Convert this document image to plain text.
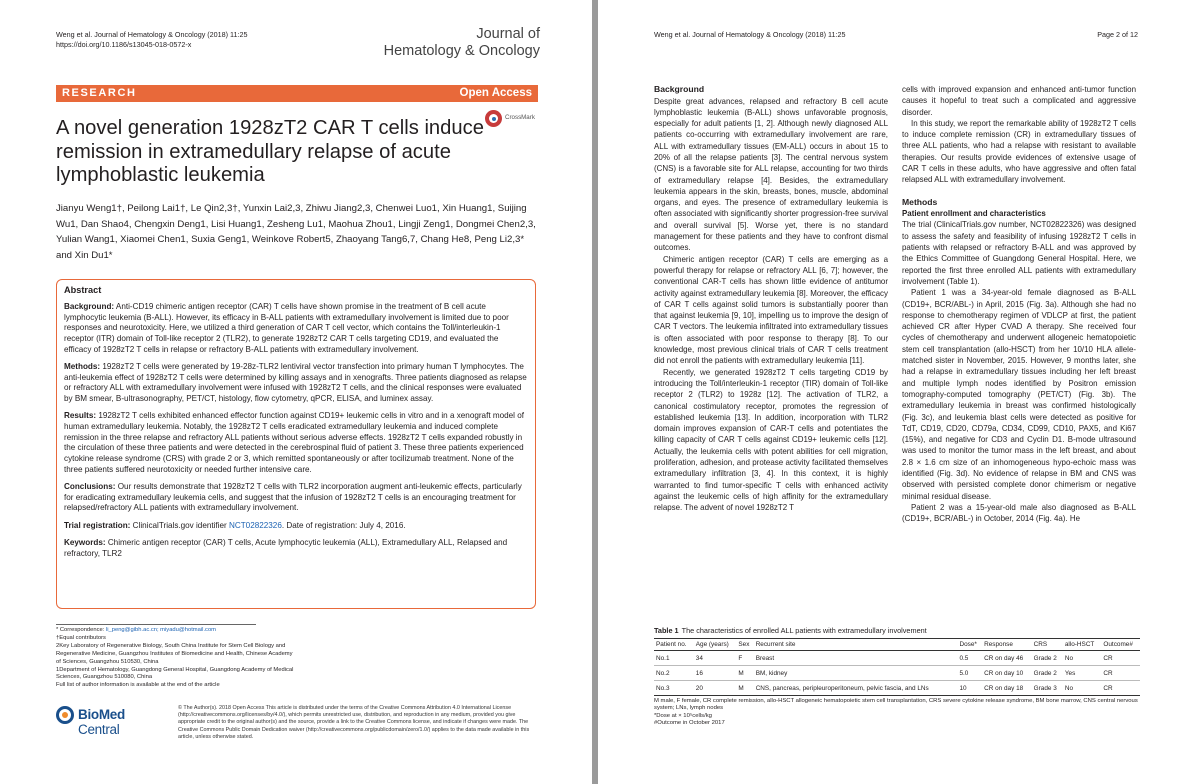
Weng et al. Journal of Hematology & Oncology (2018) 11:25
https://doi.org/10.1186/s13045-018-0572-x
Journal of
Hematology & Oncology
RESEARCH	Open Access
A novel generation 1928zT2 CAR T cells induce remission in extramedullary relapse of acute lymphoblastic leukemia
CrossMark
Jianyu Weng1†, Peilong Lai1†, Le Qin2,3†, Yunxin Lai2,3, Zhiwu Jiang2,3, Chenwei Luo1, Xin Huang1, Suijing Wu1, Dan Shao4, Chengxin Deng1, Lisi Huang1, Zesheng Lu1, Maohua Zhou1, Lingji Zeng1, Dongmei Chen2,3, Yulian Wang1, Xiaomei Chen1, Suxia Geng1, Weinkove Robert5, Zhaoyang Tang6,7, Chang He8, Peng Li2,3* and Xin Du1*
Abstract

Background: Anti-CD19 chimeric antigen receptor (CAR) T cells have shown promise in the treatment of B cell acute lymphocytic leukemia (B-ALL). However, its efficacy in B-ALL patients with extramedullary involvement is limited due to poor responses and neurotoxicity. Here, we utilized a third generation of CAR T cell vector, which contains the Toll/interleukin-1 receptor (ITR) domain of Toll-like receptor 2 (TLR2), to generate 1928zT2 CAR T cells targeting CD19, and evaluated the efficacy of 1928zT2 T cells in relapse or refractory B-ALL patients with extramedullary involvement.

Methods: 1928zT2 T cells were generated by 19-28z-TLR2 lentiviral vector transfection into primary human T lymphocytes. The anti-leukemia effect of 1928zT2 T cells were determined by killing assays and in xenografts. Three patients diagnosed as relapse or refractory ALL with extramedullary involvement were infused with 1928zT2 T cells, and the clinical responses were evaluated by BM smear, B-ultrasonography, PET/CT, histology, flow cytometry, qPCR, ELISA, and luminex assay.

Results: 1928zT2 T cells exhibited enhanced effector function against CD19+ leukemic cells in vitro and in a xenograft model of human extramedullary leukemia. Notably, the 1928zT2 T cells eradicated extramedullary leukemia and induced complete remission in the three relapse and refractory ALL patients without serious adverse effects. 1928zT2 T cells expanded robustly in the circulation of these three patients and were detected in the cerebrospinal fluid of patient 3. These three patients experienced cytokine release syndrome (CRS) with grade 2 or 3, which remitted spontaneously or after tocilizumab treatment. None of the three patients suffered neurotoxicity or needed further intensive care.

Conclusions: Our results demonstrate that 1928zT2 T cells with TLR2 incorporation augment anti-leukemic effects, particularly for eradicating extramedullary leukemia cells, and suggest that the infusion of 1928zT2 T cells is an encouraging treatment for relapsed/refractory ALL patients with extramedullary involvement.

Trial registration: ClinicalTrials.gov identifier NCT02822326. Date of registration: July 4, 2016.

Keywords: Chimeric antigen receptor (CAR) T cells, Acute lymphocytic leukemia (ALL), Extramedullary ALL, Relapsed and refractory, TLR2

* Correspondence: li_peng@gibh.ac.cn; miyadu@hotmail.com
†Equal contributors
2Key Laboratory of Regenerative Biology, South China Institute for Stem Cell Biology and Regenerative Medicine, Guangzhou Institutes of Biomedicine and Health, Chinese Academy of Sciences, Guangzhou 510530, China
1Department of Hematology, Guangdong General Hospital, Guangdong Academy of Medical Sciences, Guangzhou 510080, China
Full list of author information is available at the end of the article
BioMed Central
© The Author(s). 2018 Open Access This article is distributed under the terms of the Creative Commons Attribution 4.0 International License (http://creativecommons.org/licenses/by/4.0/), which permits unrestricted use, distribution, and reproduction in any medium, provided you give appropriate credit to the original author(s) and the source, provide a link to the Creative Commons license, and indicate if changes were made. The Creative Commons Public Domain Dedication waiver (http://creativecommons.org/publicdomain/zero/1.0/) applies to the data made available in this article, unless otherwise stated.
Weng et al. Journal of Hematology & Oncology (2018) 11:25	Page 2 of 12
Background

Despite great advances, relapsed and refractory B cell acute lymphoblastic leukemia (B-ALL) shows unfavorable prognosis, especially for adult patients [1, 2]. Although newly diagnosed ALL patients co-occurring with extramedullary involvement are rare, ALL with extramedullary tissues (EM-ALL) occurs in about 15 to 20% of all the relapse patients [3]. The central nervous system (CNS) is a favorable site for ALL relapse, accounting for two thirds of extramedullary relapse [4]. Besides, the extramedullary leukemia appears in the skin, breasts, bones, muscle, abdominal organs, and eyes. The presence of extramedullary leukemia is often associated with significantly shorter progression-free survival and overall survival [5]. Worse yet, there is no standard management for these patients and they have to confront dismal outcomes.

Chimeric antigen receptor (CAR) T cells are emerging as a powerful therapy for relapse or refractory ALL [6, 7]; however, the conventional CAR-T cells has shown little evidence of antitumor activity against extramedullary leukemia [8]. Moreover, the efficacy of CAR T cells against solid tumors is substantially poorer than that against leukemia [9, 10], impelling us to improve the design of CAR T vectors. The leukemia infiltrated into extramedullary tissues is often associated with poor response to therapy [8]. To our knowledge, most previous clinical trials of CAR T cells treatment did not enroll the patients with extramedullary leukemia [11].

Recently, we generated 1928zT2 T cells targeting CD19 by introducing the Toll/interleukin-1 receptor (TIR) domain of Toll-like receptor 2 (TLR2) to 1928z [12]. The activation of TLR2, a canonical costimulatory receptor, promotes the regression of established leukemia [13]. In addition, incorporation with TLR2 domain improves expansion of CAR-T cells and potentiates the killing capacity of CAR T cells against CD19+ leukemic cells [12]. Actually, the leukemia cells with potent abilities for cell migration, proliferation, adhesion, and protease activity facilitated themselves extramedullary infiltration [3, 4]. In this context, it is highly warranted to find tumor-specific T cells with enhanced activity against the leukemic cells of high affinity for the extramedullary relapse. The advent of novel 1928zT2 T

cells with improved expansion and enhanced anti-tumor function causes it hopeful to treat such a complicated and aggressive disorder.

In this study, we report the remarkable ability of 1928zT2 T cells to induce complete remission (CR) in extramedullary tissues of three ALL patients, who had a relapse with resistant to available therapies. Our results provide evidences of extensive usage of CAR T cells in these adults, who have aggressive and often fatal relapsed ALL with extramedullary involvement.

Methods
Patient enrollment and characteristics

The trial (ClinicalTrials.gov number, NCT02822326) was designed to assess the safety and feasibility of infusing 1928zT2 T cells in patients with relapsed or refractory B-ALL and was approved by the Ethics Committee of Guangdong General Hospital. Here, we reported the first three enrolled ALL patients with extramedullary involvement (Table 1).

Patient 1 was a 34-year-old female diagnosed as B-ALL (CD19+, BCR/ABL-) in April, 2015 (Fig. 3a). Although she had no response to chemotherapy regimen of VDLCP at first, the patient achieved CR after Hyper CVAD A therapy. She received four cycles of chemotherapy and underwent allogeneic hematopoietic stem cell transplantation (allo-HSCT) from her 10/10 HLA allele-matched sister in November, 2015. However, 9 months later, she had a relapse in extramedullary tissues including her left breast and multiple lymph nodes identified by Positron emission tomography-computed tomography (PET/CT) (Fig. 3b). The extramedullary leukemia in breast was confirmed histologically (Fig. 3c), and leukemia blast cells were detected as positive for TdT, CD19, CD20, CD79a, CD34, CD99, CD10, PAX5, and Ki67 (15%), and negative for CD3 and Cyclin D1. B-mode ultrasound was used to monitor the tumor mass in the left breast, and about 2.8 × 1.6 cm size of an inhomogeneous hypo-echoic mass was identified (Fig. 3d). No evidence of relapse in BM and CNS was observed with persisted complete donor chimerism or negative minimal residual disease.

Patient 2 was a 15-year-old male also diagnosed as B-ALL (CD19+, BCR/ABL-) in October, 2014 (Fig. 4a). He

Table 1 The characteristics of enrolled ALL patients with extramedullary involvement
Patient no.	Age (years)	Sex	Recurrent site	Dose*	Response	CRS	allo-HSCT	Outcome#
No.1	34	F	Breast	0.5	CR on day 46	Grade 2	No	CR
No.2	16	M	BM, kidney	5.0	CR on day 10	Grade 2	Yes	CR
No.3	20	M	CNS, pancreas, peripleuroperitoneum, pelvic fascia, and LNs	10	CR on day 18	Grade 3	No	CR
M male, F female, CR complete remission, allo-HSCT allogeneic hematopoietic stem cell transplantation, CRS severe cytokine release syndrome, BM bone marrow, CNS central nervous system; LNs, lymph nodes
*Dose at × 10⁵cells/kg
#Outcome in October 2017
